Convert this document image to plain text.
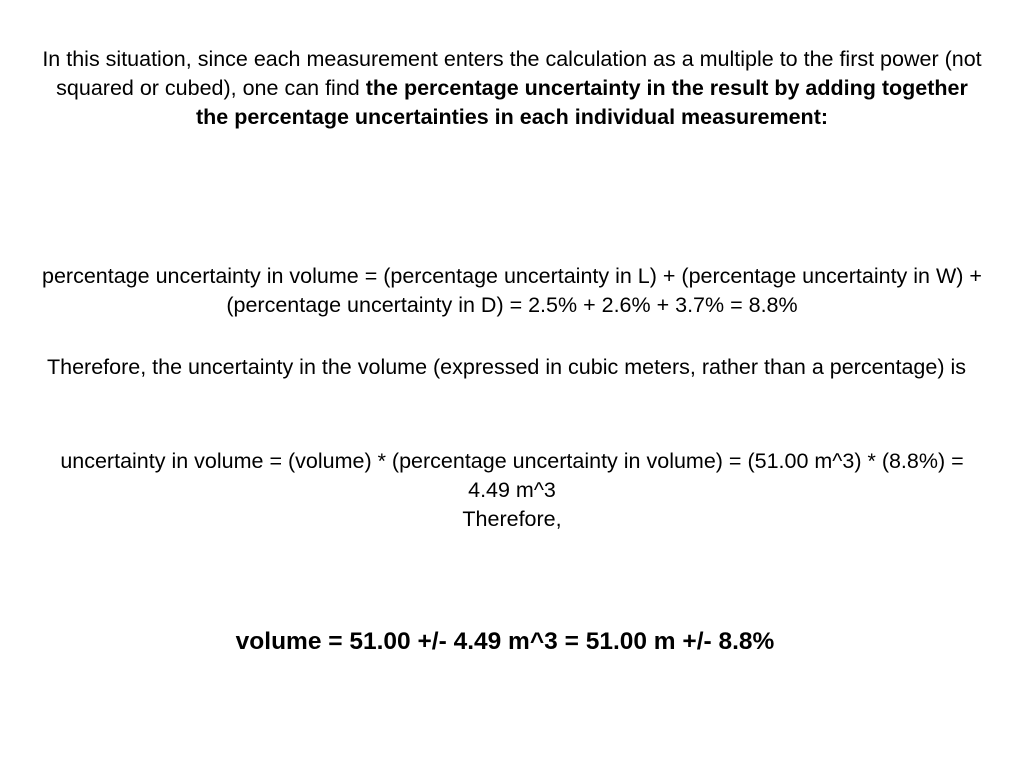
In this situation, since each measurement enters the calculation as a multiple to the first power (not squared or cubed), one can find the percentage uncertainty in the result by adding together the percentage uncertainties in each individual measurement:

percentage uncertainty in volume = (percentage uncertainty in L) + (percentage uncertainty in W) + (percentage uncertainty in D) = 2.5% + 2.6% + 3.7% = 8.8%

Therefore, the uncertainty in the volume (expressed in cubic meters, rather than a percentage) is

uncertainty in volume = (volume) * (percentage uncertainty in volume) = (51.00 m^3) * (8.8%) = 4.49 m^3

Therefore,

volume = 51.00 +/- 4.49 m^3 = 51.00 m +/- 8.8%
